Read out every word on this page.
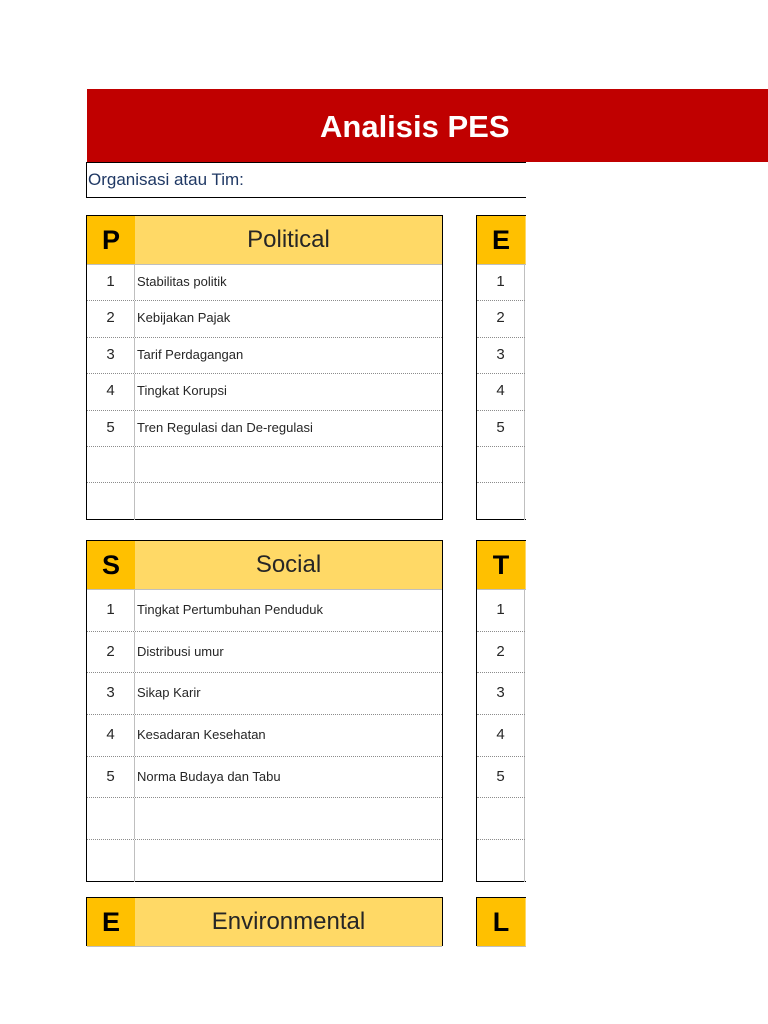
Analisis PES
Organisasi atau Tim:
P	Political
1	Stabilitas politik
2	Kebijakan Pajak
3	Tarif Perdagangan
4	Tingkat Korupsi
5	Tren Regulasi dan De-regulasi
E
1
2
3
4
5
S	Social
1	Tingkat Pertumbuhan Penduduk
2	Distribusi umur
3	Sikap Karir
4	Kesadaran Kesehatan
5	Norma Budaya dan Tabu
T
1
2
3
4
5
E	Environmental	L
